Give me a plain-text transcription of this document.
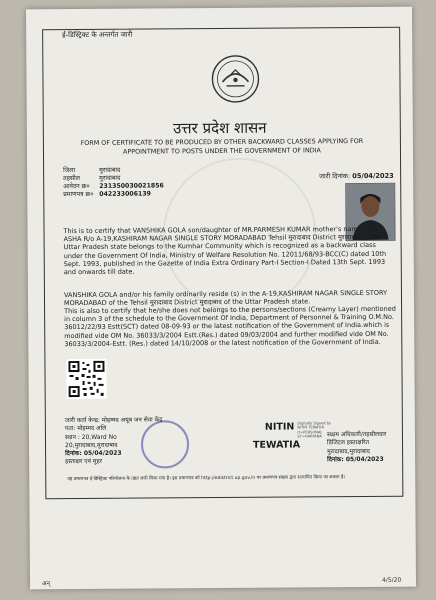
ई-डिस्ट्रिक्ट के अन्तर्गत जारी
उत्तर प्रदेश शासन
FORM OF CERTIFICATE TO BE PRODUCED BY OTHER BACKWARD CLASSES APPLYING FOR APPOINTMENT TO POSTS UNDER THE GOVERNMENT OF INDIA
जिला	मुरादाबाद
तहसील	मुरादाबाद
आवेदन क्र० 231350030021856
प्रमाणपत्र क्र० 042233006139
जारी दिनांक: 05/04/2023
This is to certify that VANSHIKA GOLA son/daughter of MR.PARMESH KUMAR mother's name MRS. ASHA R/o A-19,KASHIRAM NAGAR SINGLE STORY MORADABAD Tehsil मुरादाबाद District मुरादाबाद in the Uttar Pradesh state belongs to the Kumhar Community which is recognized as a backward class under the Government Of India, Ministry of Welfare Resolution No. 12011/68/93-BCC(C) dated 10th Sept. 1993, published in the Gazette of India Extra Ordinary Part-I Section-I Dated 13th Sept. 1993 and onwards till date.
VANSHIKA GOLA and/or his family ordinarily reside (s) in the A-19,KASHIRAM NAGAR SINGLE STORY MORADABAD of the Tehsil मुरादाबाद District मुरादाबाद of the Uttar Pradesh state.
This is also to certify that he/she does not belongs to the persons/sections (Creamy Layer) mentioned in column 3 of the schedule to the Government Of India, Department of Personnel & Training O.M.No. 36012/22/93 Estt(SCT) dated 08-09-93 or the latest notification of the Government of India.which is modified vide OM No. 36033/3/2004 Estt.(Res.) dated 09/03/2004 and further modified vide OM No. 36033/3/2004-Estt. (Res.) dated 14/10/2008 or the latest notification of the Government of India.
जारी कर्ता केन्द्र: मोहम्मद अयूब जन सेवा केंद्र
पता: मोहम्मद अलि
स्थान : 20,Ward No
20,मुरादाबाद,मुरादाबाद
दिनांक: 05/04/2023
हस्ताक्षर एवं मुहर
NITIN Digitally Signed by NITIN TEWATIA O=PERSONAL ST=HARYANA
TEWATIA
सक्षम अधिकारी/तहसीलदार
डिजिटल हस्ताक्षरित
मुरादाबाद,मुरादाबाद
दिनांक: 05/04/2023
यह प्रमाणपत्र ई-डिस्ट्रिक्ट परियोजना के तहत जारी किया गया है। इस प्रमाणपत्र को http://edistrict.up.gov.in पर प्रमाणपत्र संख्या द्वारा सत्यापित किया जा सकता है।
अन्	4/5/20
